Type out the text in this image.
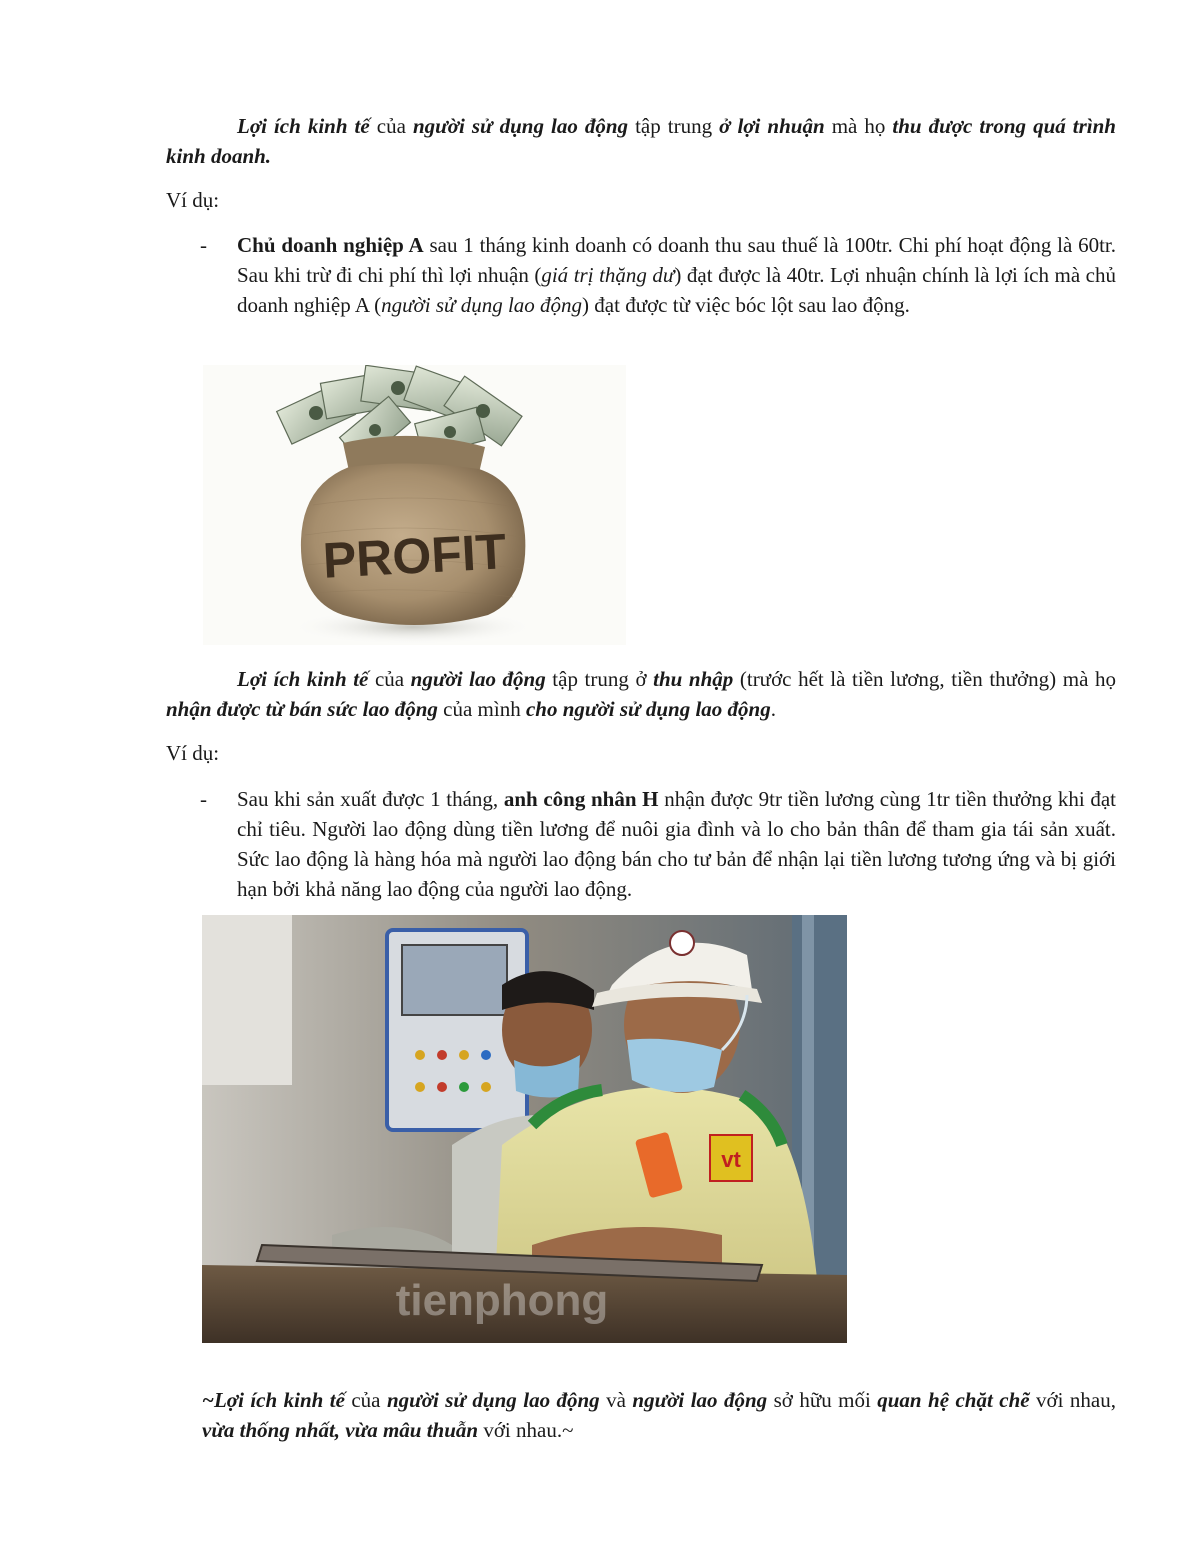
Lợi ích kinh tế của người sử dụng lao động tập trung ở lợi nhuận mà họ thu được trong quá trình kinh doanh.

Ví dụ:

-	Chủ doanh nghiệp A sau 1 tháng kinh doanh có doanh thu sau thuế là 100tr. Chi phí hoạt động là 60tr. Sau khi trừ đi chi phí thì lợi nhuận (giá trị thặng dư) đạt được là 40tr. Lợi nhuận chính là lợi ích mà chủ doanh nghiệp A (người sử dụng lao động) đạt được từ việc bóc lột sau lao động.
PROFIT

Lợi ích kinh tế của người lao động tập trung ở thu nhập (trước hết là tiền lương, tiền thưởng) mà họ nhận được từ bán sức lao động của mình cho người sử dụng lao động.

Ví dụ:

-	Sau khi sản xuất được 1 tháng, anh công nhân H nhận được 9tr tiền lương cùng 1tr tiền thưởng khi đạt chỉ tiêu. Người lao động dùng tiền lương để nuôi gia đình và lo cho bản thân để tham gia tái sản xuất. Sức lao động là hàng hóa mà người lao động bán cho tư bản để nhận lại tiền lương tương ứng và bị giới hạn bởi khả năng lao động của người lao động.
vt
tienphong

~Lợi ích kinh tế của người sử dụng lao động và người lao động sở hữu mối quan hệ chặt chẽ với nhau, vừa thống nhất, vừa mâu thuẫn với nhau.~
